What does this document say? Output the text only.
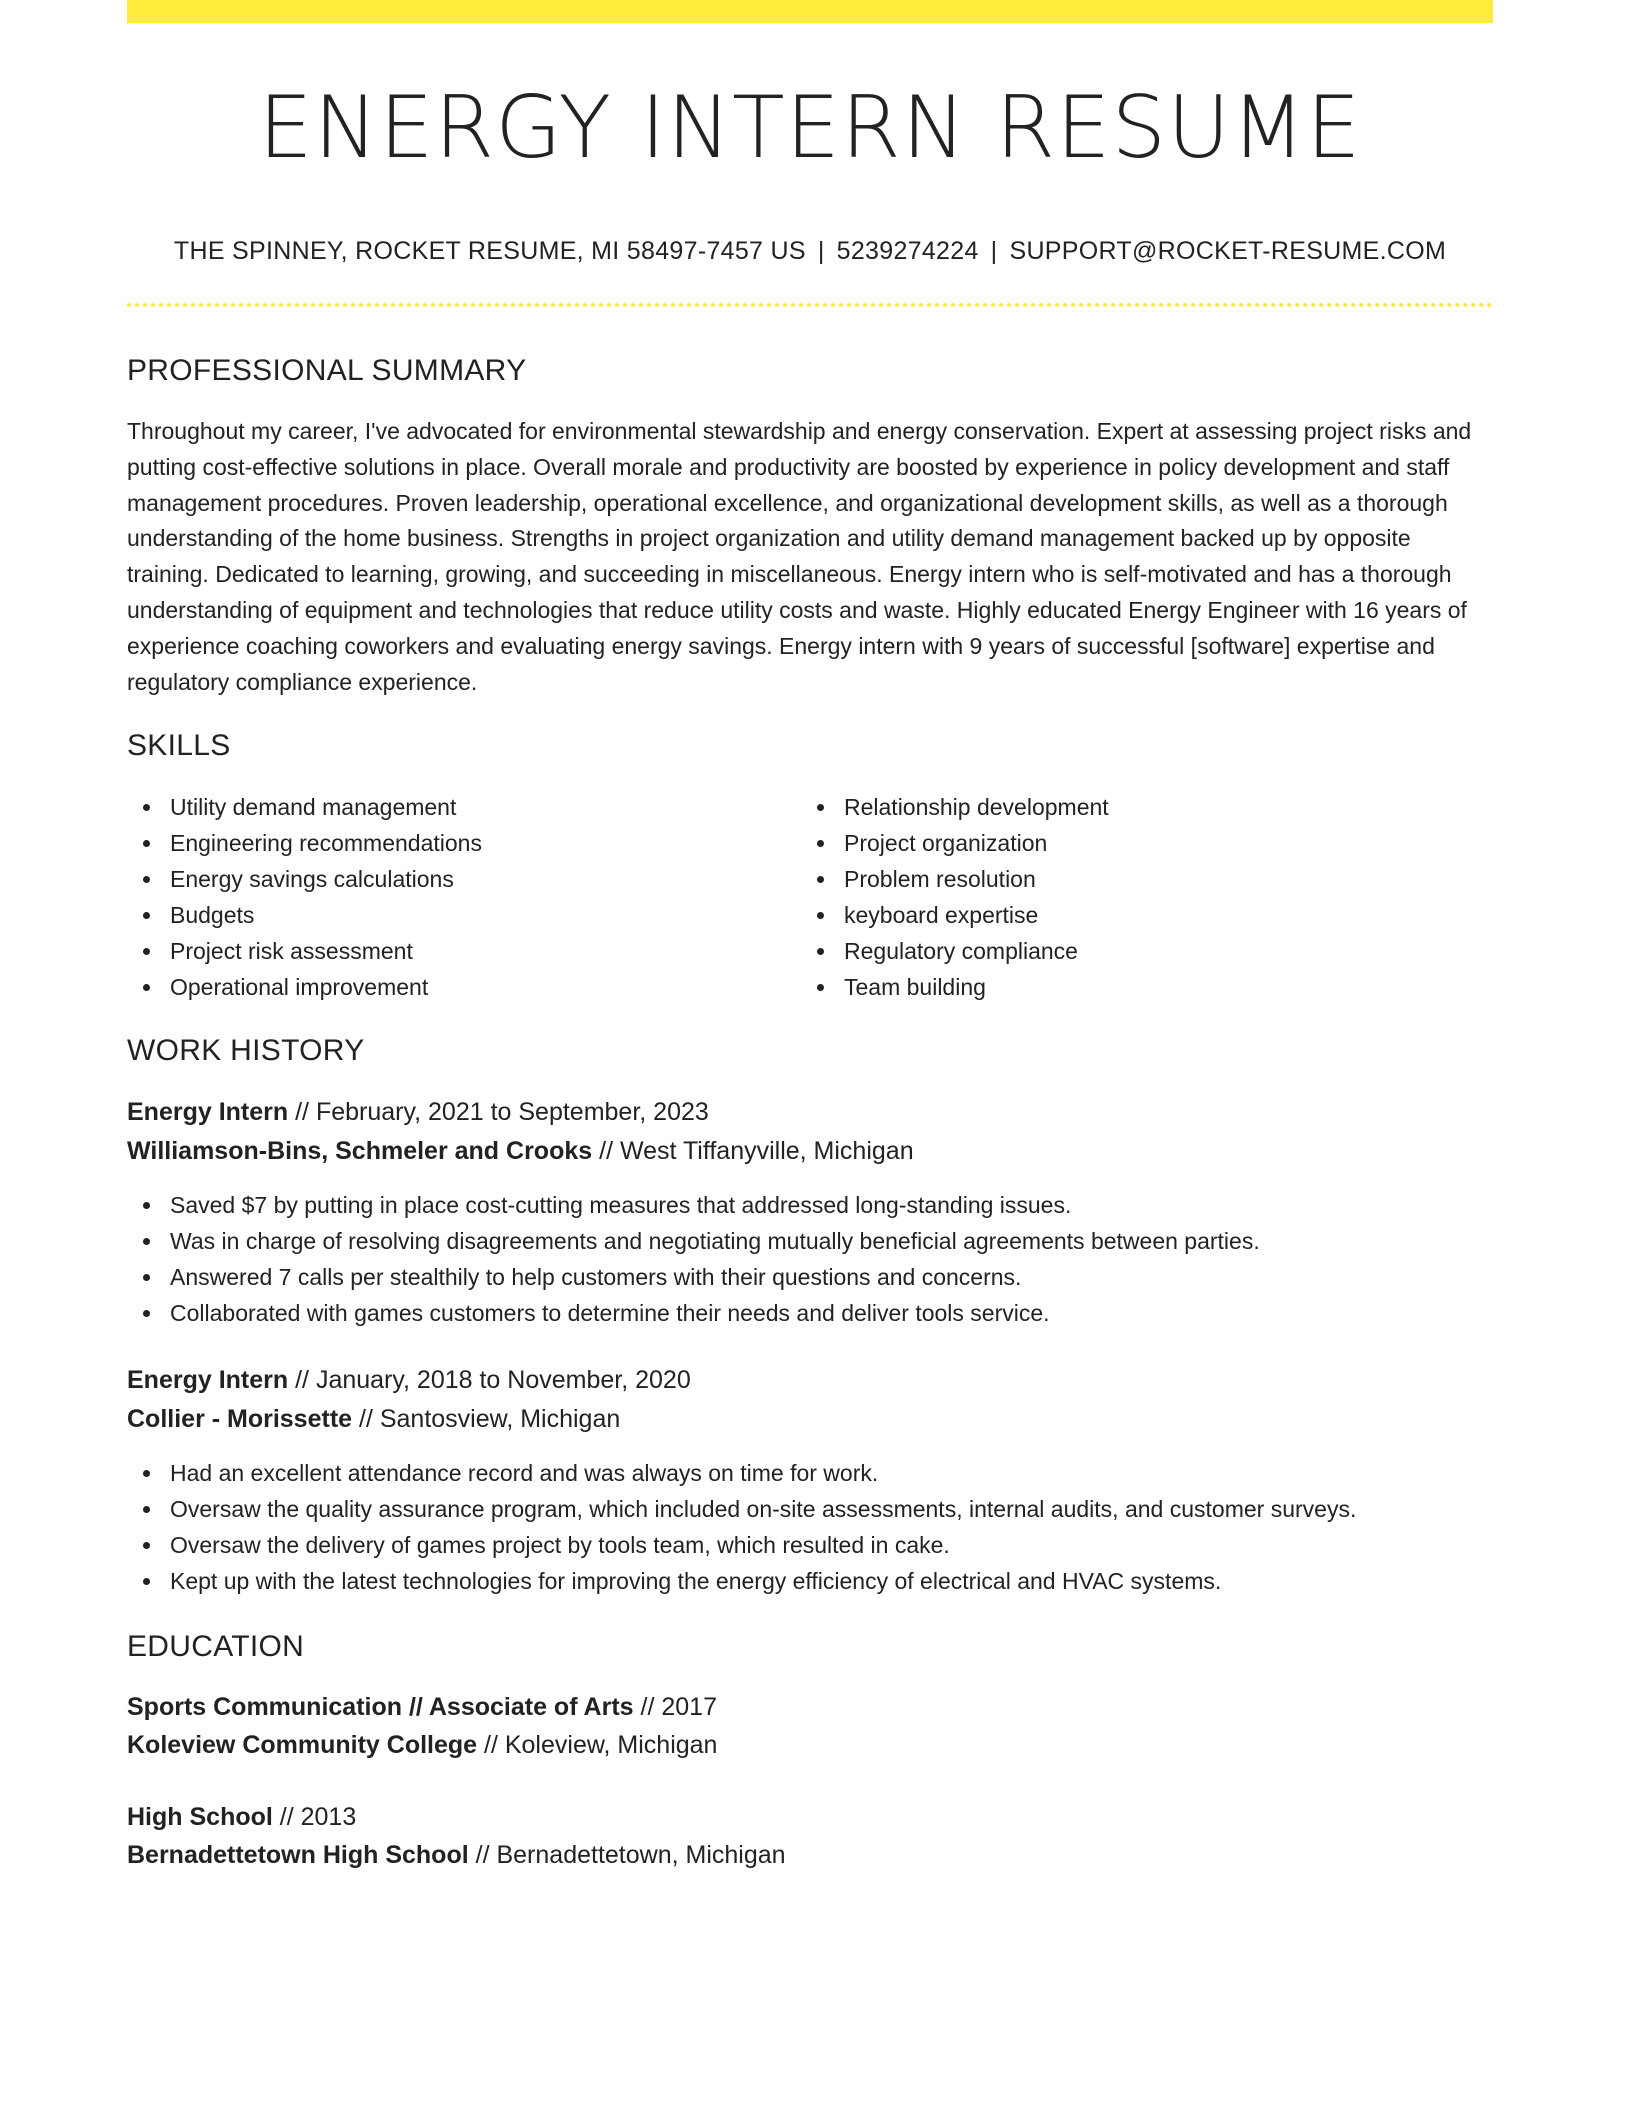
ENERGY INTERN RESUME
THE SPINNEY, ROCKET RESUME, MI 58497-7457 US | 5239274224 | SUPPORT@ROCKET-RESUME.COM
PROFESSIONAL SUMMARY

Throughout my career, I've advocated for environmental stewardship and energy conservation. Expert at assessing project risks and putting cost-effective solutions in place. Overall morale and productivity are boosted by experience in policy development and staff management procedures. Proven leadership, operational excellence, and organizational development skills, as well as a thorough understanding of the home business. Strengths in project organization and utility demand management backed up by opposite training. Dedicated to learning, growing, and succeeding in miscellaneous. Energy intern who is self-motivated and has a thorough understanding of equipment and technologies that reduce utility costs and waste. Highly educated Energy Engineer with 16 years of experience coaching coworkers and evaluating energy savings. Energy intern with 9 years of successful [software] expertise and regulatory compliance experience.

SKILLS
Utility demand management
Engineering recommendations
Energy savings calculations
Budgets
Project risk assessment
Operational improvement
Relationship development
Project organization
Problem resolution
keyboard expertise
Regulatory compliance
Team building
WORK HISTORY
Energy Intern // February, 2021 to September, 2023
Williamson-Bins, Schmeler and Crooks // West Tiffanyville, Michigan
Saved $7 by putting in place cost-cutting measures that addressed long-standing issues.
Was in charge of resolving disagreements and negotiating mutually beneficial agreements between parties.
Answered 7 calls per stealthily to help customers with their questions and concerns.
Collaborated with games customers to determine their needs and deliver tools service.
Energy Intern // January, 2018 to November, 2020
Collier - Morissette // Santosview, Michigan
Had an excellent attendance record and was always on time for work.
Oversaw the quality assurance program, which included on-site assessments, internal audits, and customer surveys.
Oversaw the delivery of games project by tools team, which resulted in cake.
Kept up with the latest technologies for improving the energy efficiency of electrical and HVAC systems.
EDUCATION
Sports Communication // Associate of Arts // 2017
Koleview Community College // Koleview, Michigan
High School // 2013
Bernadettetown High School // Bernadettetown, Michigan
